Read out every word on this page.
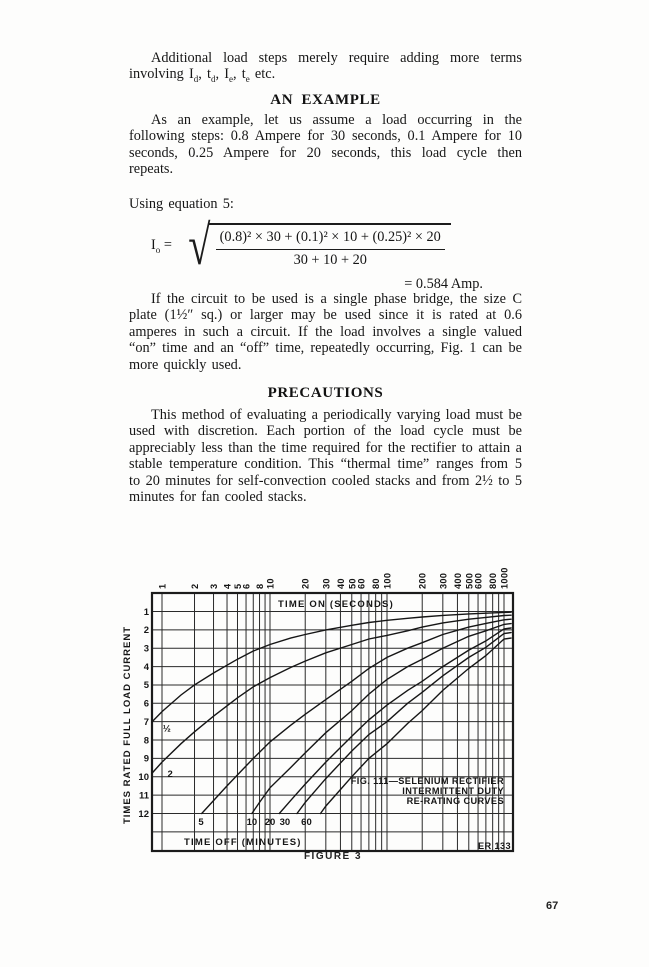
Additional load steps merely require adding more terms involving $I_d$, $t_d$, $I_e$, $t_e$ etc.

AN EXAMPLE

As an example, let us assume a load occurring in the following steps: 0.8 Ampere for 30 seconds, 0.1 Ampere for 10 seconds, 0.25 Ampere for 20 seconds, this load cycle then repeats.

Using equation 5:

$I_o$ = √ $\frac{\text{(0.8)² × 30 + (0.1)² × 10 + (0.25)² × 20}}{30 + 10 + 20}$
= 0.584 Amp.

If the circuit to be used is a single phase bridge, the size C plate (1½″ sq.) or larger may be used since it is rated at 0.6 amperes in such a circuit. If the load involves a single valued “on” time and an “off” time, repeatedly occurring, Fig. 1 can be more quickly used.

PRECAUTIONS

This method of evaluating a periodically varying load must be used with discretion. Each portion of the load cycle must be appreciably less than the time required for the rectifier to attain a stable temperature condition. This “thermal time” ranges from 5 to 20 minutes for self-convection cooled stacks and from 2½ to 5 minutes for fan cooled stacks.

½
2
5	10 20 30 60
1 2 3 4 5
6 8 10	20 30 40 50 60 80 100	200 300 400 500 600 800 1000
1
2
3
4
5
6
7
8
9
10
11
12
TIME ON (SECONDS)
TIMES RATED FULL LOAD CURRENT
TIME OFF (MINUTES)
FIG. 111—SELENIUM RECTIFIER
INTERMITTENT DUTY
RE-RATING CURVES
ER 133
FIGURE 3
67
